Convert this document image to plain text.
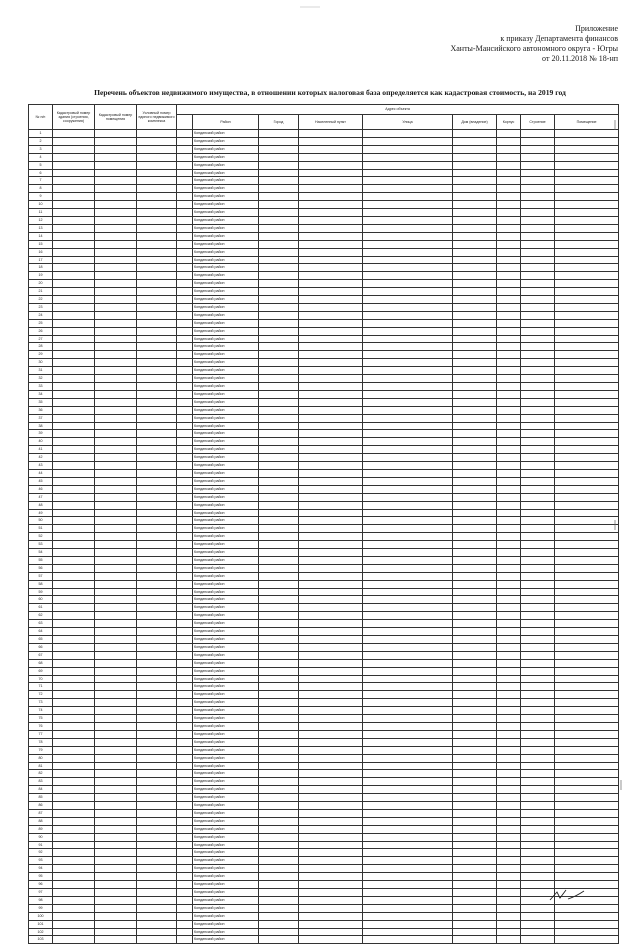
Приложение
к приказу Департамента финансов
Ханты-Мансийского автономного округа - Югры
от 20.11.2018 № 18-нп
Перечень объектов недвижимого имущества, в отношении которых налоговая база определяется как кадастровая стоимость, на 2019 год
№ п/п	Кадастровый номер здания (строения, сооружения)	Кадастровый номер помещения	Условный номер единого недвижимого комплекса	Адрес объекта								
					Район	Город	Населенный пункт	Улица	Дом (владение)	Корпус	Строение	Помещение
1					Кондинский район							
2					Кондинский район							
3					Кондинский район							
4					Кондинский район							
5					Кондинский район							
6					Кондинский район							
7					Кондинский район							
8					Кондинский район							
9					Кондинский район							
10					Кондинский район							
11					Кондинский район							
12					Кондинский район							
13					Кондинский район							
14					Кондинский район							
15					Кондинский район							
16					Кондинский район							
17					Кондинский район							
18					Кондинский район							
19					Кондинский район							
20					Кондинский район							
21					Кондинский район							
22					Кондинский район							
23					Кондинский район							
24					Кондинский район							
25					Кондинский район							
26					Кондинский район							
27					Кондинский район							
28					Кондинский район							
29					Кондинский район							
30					Кондинский район							
31					Кондинский район							
32					Кондинский район							
33					Кондинский район							
34					Кондинский район							
35					Кондинский район							
36					Кондинский район							
37					Кондинский район							
38					Кондинский район							
39					Кондинский район							
40					Кондинский район							
41					Кондинский район							
42					Кондинский район							
43					Кондинский район							
44					Кондинский район							
45					Кондинский район							
46					Кондинский район							
47					Кондинский район							
48					Кондинский район							
49					Кондинский район							
50					Кондинский район							
51					Кондинский район							
52					Кондинский район							
53					Кондинский район							
54					Кондинский район							
55					Кондинский район							
56					Кондинский район							
57					Кондинский район							
58					Кондинский район							
59					Кондинский район							
60					Кондинский район							
61					Кондинский район							
62					Кондинский район							
63					Кондинский район							
64					Кондинский район							
65					Кондинский район							
66					Кондинский район							
67					Кондинский район							
68					Кондинский район							
69					Кондинский район							
70					Кондинский район							
71					Кондинский район							
72					Кондинский район							
73					Кондинский район							
74					Кондинский район							
75					Кондинский район							
76					Кондинский район							
77					Кондинский район							
78					Кондинский район							
79					Кондинский район							
80					Кондинский район							
81					Кондинский район							
82					Кондинский район							
83					Кондинский район							
84					Кондинский район							
85					Кондинский район							
86					Кондинский район							
87					Кондинский район							
88					Кондинский район							
89					Кондинский район							
90					Кондинский район							
91					Кондинский район							
92					Кондинский район							
93					Кондинский район							
94					Кондинский район							
95					Кондинский район							
96					Кондинский район							
97					Кондинский район							
98					Кондинский район							
99					Кондинский район							
100					Кондинский район							
101					Кондинский район							
102					Кондинский район							
103					Кондинский район							
